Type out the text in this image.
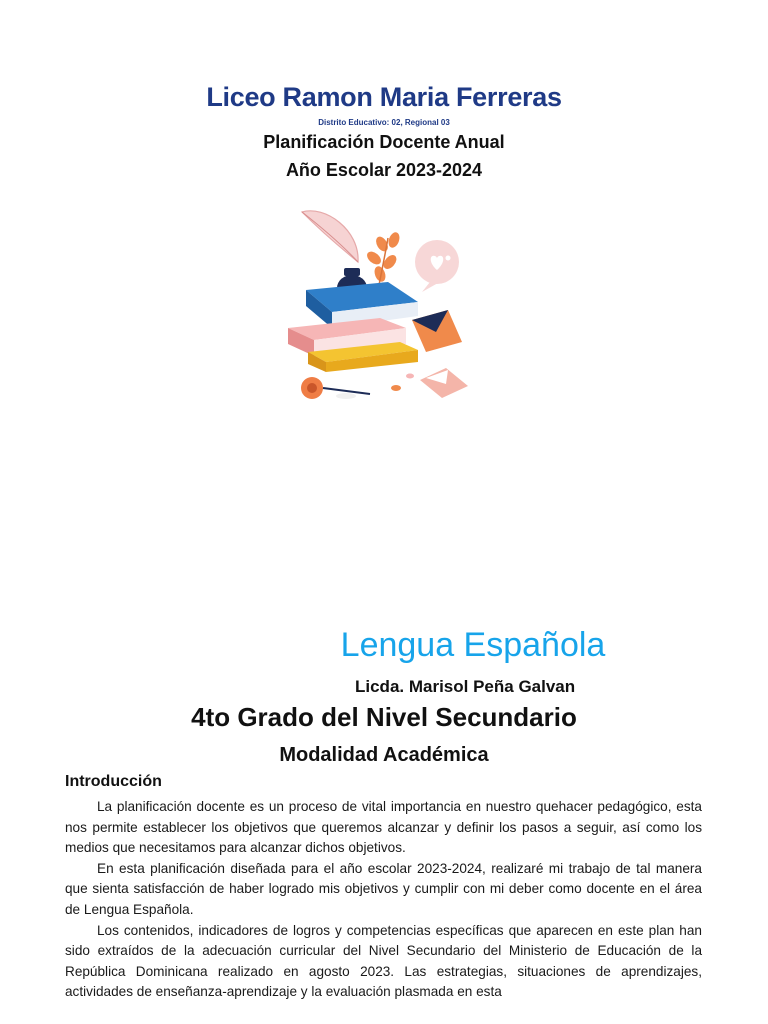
Liceo Ramon Maria Ferreras
Distrito Educativo: 02, Regional 03
Planificación Docente Anual
Año Escolar 2023-2024
Lengua Española
Licda. Marisol Peña Galvan
4to Grado del Nivel Secundario
Modalidad Académica
Introducción

La planificación docente es un proceso de vital importancia en nuestro quehacer pedagógico, esta nos permite establecer los objetivos que queremos alcanzar y definir los pasos a seguir, así como los medios que necesitamos para alcanzar dichos objetivos.

En esta planificación diseñada para el año escolar 2023-2024, realizaré mi trabajo de tal manera que sienta satisfacción de haber logrado mis objetivos y cumplir con mi deber como docente en el área de Lengua Española.

Los contenidos, indicadores de logros y competencias específicas que aparecen en este plan han sido extraídos de la adecuación curricular del Nivel Secundario del Ministerio de Educación de la República Dominicana realizado en agosto 2023. Las estrategias, situaciones de aprendizajes, actividades de enseñanza-aprendizaje y la evaluación plasmada en esta
